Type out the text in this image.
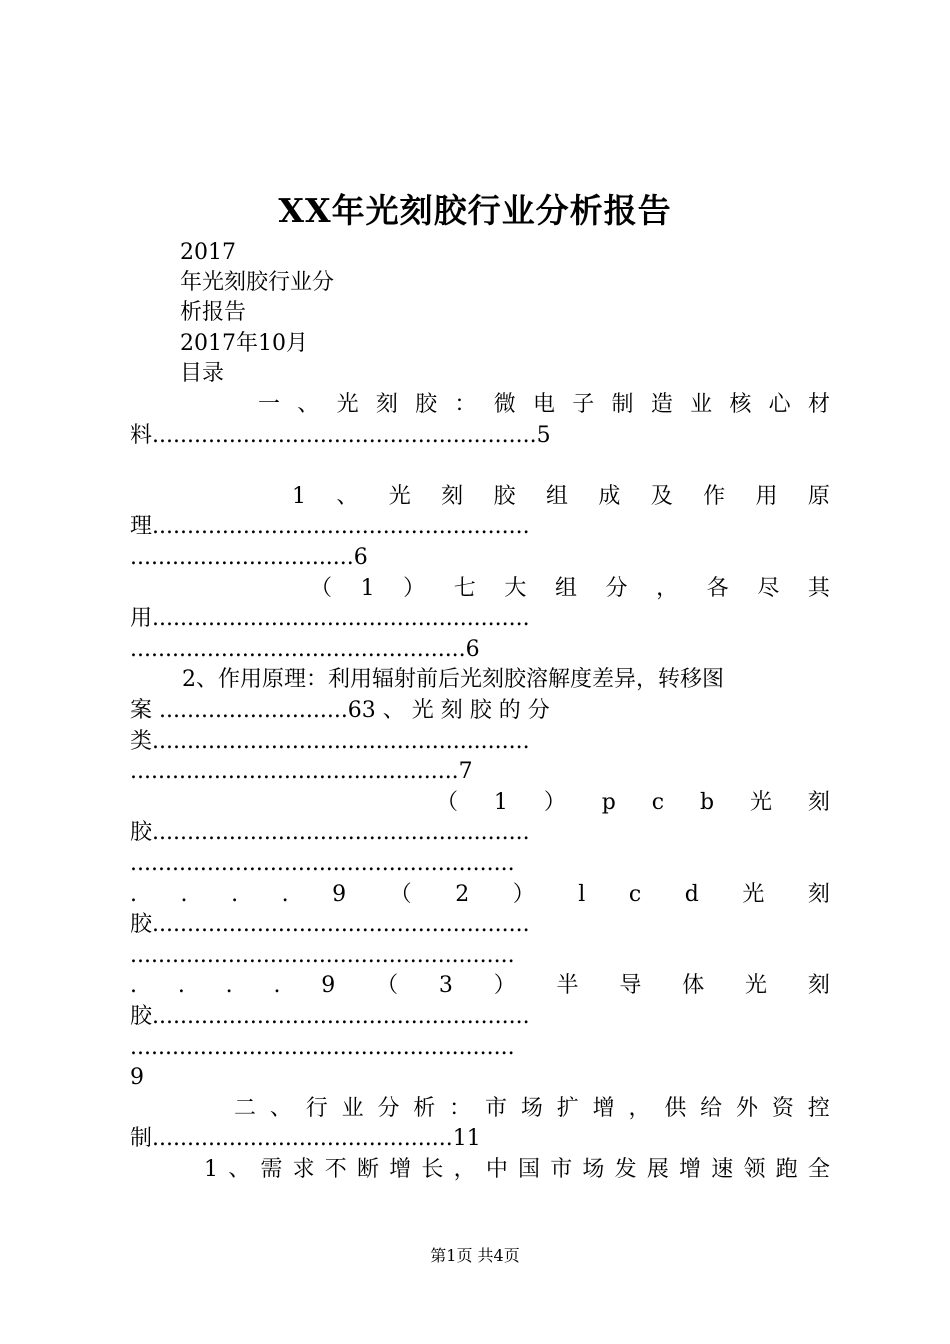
XX年光刻胶行业分析报告
2017
年光刻胶行业分
析报告
2017年10月
目录
一 、 光 刻 胶 ： 微 电 子 制 造 业 核 心 材
料.......................................................5
1 、 光 刻 胶 组 成 及 作 用 原
理......................................................
................................6
（ 1 ） 七 大 组 分 ， 各 尽 其
用......................................................
................................................6
2、作用原理：利用辐射前后光刻胶溶解度差异，转移图
案 ...........................63 、 光 刻 胶 的 分
类......................................................
...............................................7
（ 1 ） p c b 光 刻
胶......................................................
.......................................................
. . . . 9 （ 2 ） l c d 光 刻
胶......................................................
.......................................................
. . . . 9 （ 3 ） 半 导 体 光 刻
胶......................................................
.......................................................
9
二 、 行 业 分 析 ： 市 场 扩 增 ， 供 给 外 资 控
制...........................................11
1 、 需 求 不 断 增 长 ， 中 国 市 场 发 展 增 速 领 跑 全
第1页 共4页
